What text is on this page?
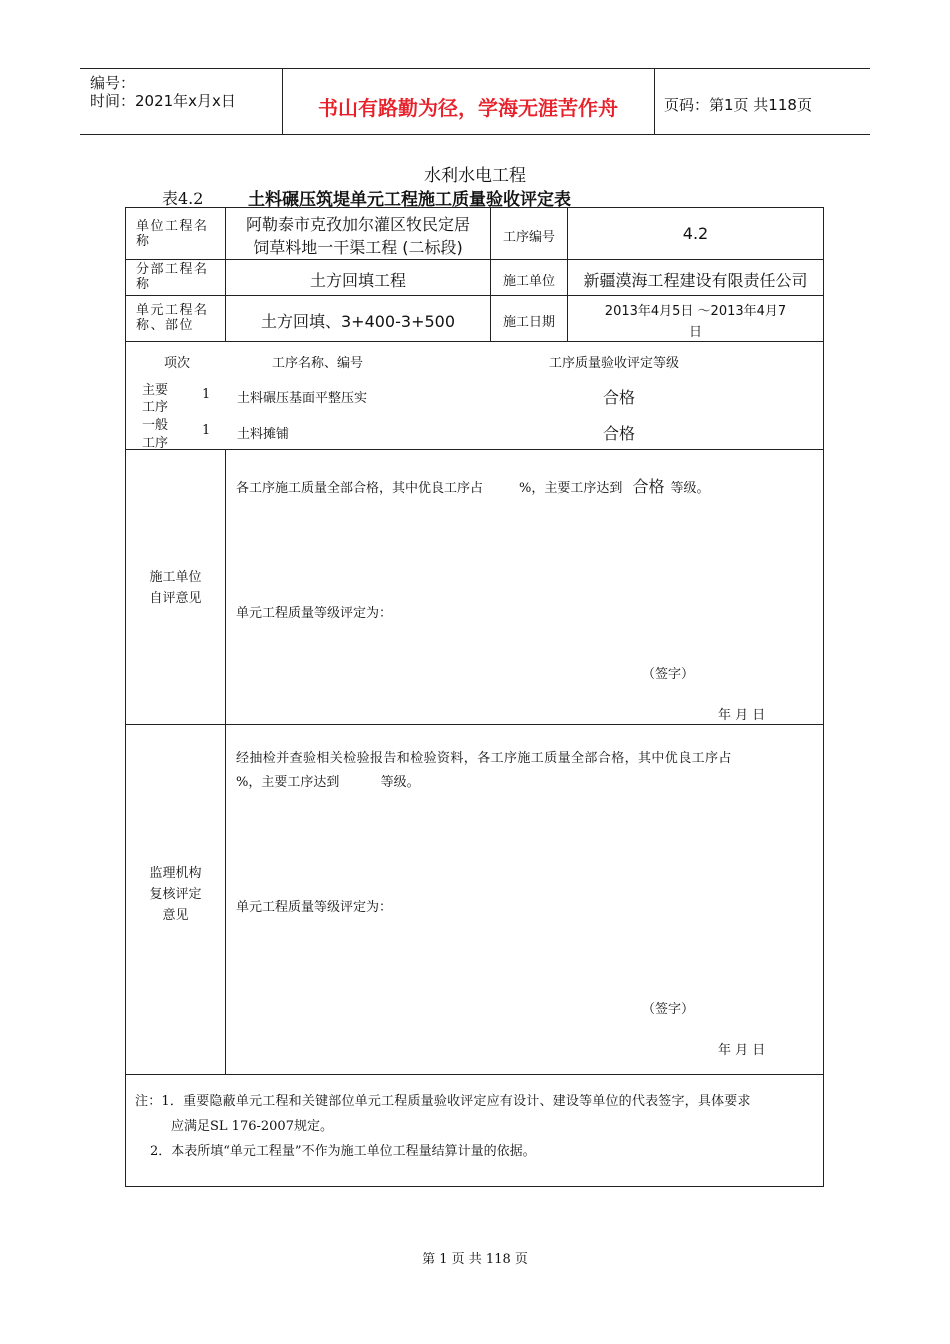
编号：
时间：2021年x月x日	书山有路勤为径，学海无涯苦作舟	页码：第1页 共118页
水利水电工程
表4.2	土料碾压筑堤单元工程施工质量验收评定表
单位工程名称
阿勒泰市克孜加尔灌区牧民定居
饲草料地一干渠工程 (二标段)
工序编号	4.2
分部工程名称	土方回填工程	施工单位	新疆漠海工程建设有限责任公司
单元工程名称、部位	土方回填、3+400-3+500	施工日期
2013年4月5日 ～2013年4月7
日
项次	工序名称、编号	工序质量验收评定等级
主要
工序
1 土料碾压基面平整压实	合格
一般
工序
1 土料摊铺	合格
施工单位
自评意见
各工序施工质量全部合格，其中优良工序占	%，主要工序达到 合格 等级。
单元工程质量等级评定为：
（签字）
年 月 日
监理机构
复核评定
意见
经抽检并查验相关检验报告和检验资料，各工序施工质量全部合格，其中优良工序占
%，主要工序达到          等级。
单元工程质量等级评定为：
（签字）
年 月 日
注：1．重要隐蔽单元工程和关键部位单元工程质量验收评定应有设计、建设等单位的代表签字，具体要求
应满足SL 176-2007规定。
2．本表所填“单元工程量”不作为施工单位工程量结算计量的依据。
第 1 页 共 118 页
